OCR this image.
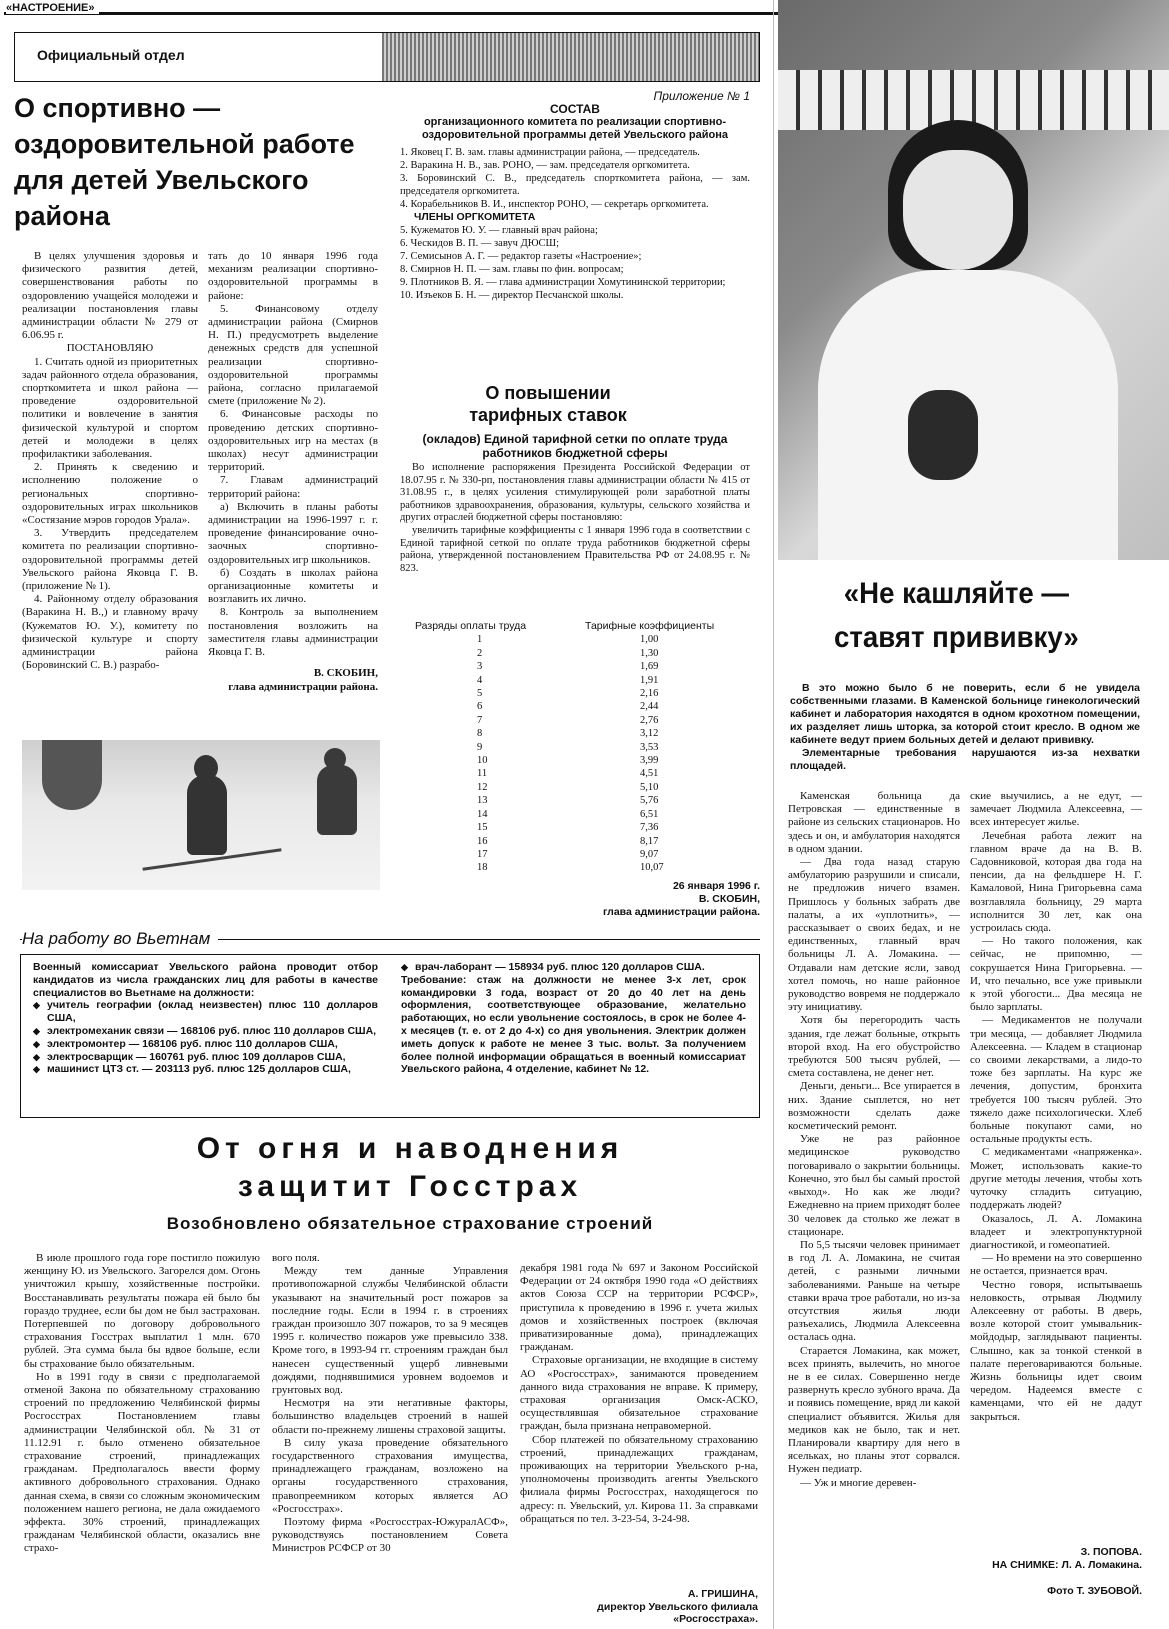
«НАСТРОЕНИЕ»
Официальный отдел
О спортивно — оздоровительной работе для детей Увельского района

В целях улучшения здоровья и физического развития детей, совершенствования работы по оздоровлению учащейся молодежи и реализации постановления главы администрации области № 279 от 6.06.95 г.

ПОСТАНОВЛЯЮ

1. Считать одной из приоритетных задач районного отдела образования, спорткомитета и школ района — проведение оздоровительной политики и вовлечение в занятия физической культурой и спортом детей и молодежи в целях профилактики заболевания.

2. Принять к сведению и исполнению положение о региональных спортивно-оздоровительных играх школьников «Состязание мэров городов Урала».

3. Утвердить председателем комитета по реализации спортивно-оздоровительной программы детей Увельского района Яковца Г. В. (приложение № 1).

4. Районному отделу образования (Варакина Н. В.,) и главному врачу (Кужематов Ю. У.), комитету по физической культуре и спорту администрации района (Боровинский С. В.) разрабо-

тать до 10 января 1996 года механизм реализации спортивно-оздоровительной программы в районе:

5. Финансовому отделу администрации района (Смирнов Н. П.) предусмотреть выделение денежных средств для успешной реализации спортивно-оздоровительной программы района, согласно прилагаемой смете (приложение № 2).

6. Финансовые расходы по проведению детских спортивно-оздоровительных игр на местах (в школах) несут администрации территорий.

7. Главам администраций территорий района:

а) Включить в планы работы администрации на 1996-1997 г. г. проведение финансирование очно-заочных спортивно-оздоровительных игр школьников.

б) Создать в школах района организационные комитеты и возглавить их лично.

8. Контроль за выполнением постановления возложить на заместителя главы администрации Яковца Г. В.

В. СКОБИН,
глава администрации района.
Приложение № 1
СОСТАВ
организационного комитета по реализации спортивно-оздоровительной программы детей Увельского района
1. Яковец Г. В. зам. главы администрации района, — председатель.
2. Варакина Н. В., зав. РОНО, — зам. председателя оргкомитета.
3. Боровинский С. В., председатель спорткомитета района, — зам. председателя оргкомитета.
4. Корабельников В. И., инспектор РОНО, — секретарь оргкомитета.
ЧЛЕНЫ ОРГКОМИТЕТА
5. Кужематов Ю. У. — главный врач района;
6. Ческидов В. П. — завуч ДЮСШ;
7. Семисынов А. Г. — редактор газеты «Настроение»;
8. Смирнов Н. П. — зам. главы по фин. вопросам;
9. Плотников В. Я. — глава администрации Хомутининской территории;
10. Изъеков Б. Н. — директор Песчанской школы.
О повышении тарифных ставок
(окладов) Единой тарифной сетки по оплате труда работников бюджетной сферы

Во исполнение распоряжения Президента Российской Федерации от 18.07.95 г. № 330-рп, постановления главы администрации области № 415 от 31.08.95 г., в целях усиления стимулирующей роли заработной платы работников здравоохранения, образования, культуры, сельского хозяйства и других отраслей бюджетной сферы постановляю:

увеличить тарифные коэффициенты с 1 января 1996 года в соответствии с Единой тарифной сеткой по оплате труда работников бюджетной сферы района, утвержденной постановлением Правительства РФ от 24.08.95 г. № 823.

Разряды оплаты труда	Тарифные коэффициенты
1	1,00
2	1,30
3	1,69
4	1,91
5	2,16
6	2,44
7	2,76
8	3,12
9	3,53
10	3,99
11	4,51
12	5,10
13	5,76
14	6,51
15	7,36
16	8,17
17	9,07
18	10,07
26 января 1996 г.
В. СКОБИН,
глава администрации района.
«Не кашляйте — ставят прививку»

В это можно было б не поверить, если б не увидела собственными глазами. В Каменской больнице гинекологический кабинет и лаборатория находятся в одном крохотном помещении, их разделяет лишь шторка, за которой стоит кресло. В одном же кабинете ведут прием больных детей и делают прививку.

Элементарные требования нарушаются из-за нехватки площадей.

Каменская больница да Петровская — единственные в районе из сельских стационаров. Но здесь и он, и амбулатория находятся в одном здании.

— Два года назад старую амбулаторию разрушили и списали, не предложив ничего взамен. Пришлось у больных забрать две палаты, а их «уплотнить», — рассказывает о своих бедах, и не единственных, главный врач больницы Л. А. Ломакина. — Отдавали нам детские ясли, завод хотел помочь, но наше районное руководство вовремя не поддержало эту инициативу.

Хотя бы перегородить часть здания, где лежат больные, открыть второй вход. На его обустройство требуются 500 тысяч рублей, — смета составлена, не денег нет.

Деньги, деньги... Все упирается в них. Здание сыплется, но нет возможности сделать даже косметический ремонт.

Уже не раз районное медицинское руководство поговаривало о закрытии больницы. Конечно, это был бы самый простой «выход». Но как же люди? Ежедневно на прием приходят более 30 человек да столько же лежат в стационаре.

По 5,5 тысячи человек принимает в год Л. А. Ломакина, не считая детей, с разными личными заболеваниями. Раньше на четыре ставки врача трое работали, но из-за отсутствия жилья люди разъехались, Людмила Алексеевна осталась одна.

Старается Ломакина, как может, всех принять, вылечить, но многое не в ее силах. Совершенно негде развернуть кресло зубного врача. Да и появись помещение, вряд ли какой специалист объявится. Жилья для медиков как не было, так и нет. Планировали квартиру для него в ясельках, но планы этот сорвался. Нужен педиатр.

— Уж и многие деревен-

ские выучились, а не едут, — замечает Людмила Алексеевна, — всех интересует жилье.

Лечебная работа лежит на главном враче да на В. В. Садовниковой, которая два года на пенсии, да на фельдшере Н. Г. Камаловой, Нина Григорьевна сама возглавляла больницу, 29 марта исполнится 30 лет, как она устроилась сюда.

— Но такого положения, как сейчас, не припомню, — сокрушается Нина Григорьевна. — И, что печально, все уже привыкли к этой убогости... Два месяца не было зарплаты.

— Медикаментов не получали три месяца, — добавляет Людмила Алексеевна. — Кладем в стационар со своими лекарствами, а лидо-то тоже без зарплаты. На курс же лечения, допустим, бронхита требуется 100 тысяч рублей. Это тяжело даже психологически. Хлеб больные покупают сами, но остальные продукты есть.

С медикаментами «напряженка». Может, использовать какие-то другие методы лечения, чтобы хоть чуточку сгладить ситуацию, поддержать людей?

Оказалось, Л. А. Ломакина владеет и электропунктурной диагностикой, и гомеопатией.

— Но времени на это совершенно не остается, признается врач.

Честно говоря, испытываешь неловкость, отрывая Людмилу Алексеевну от работы. В дверь, возле которой стоит умывальник-мойдодыр, заглядывают пациенты. Слышно, как за тонкой стенкой в палате переговариваются больные. Жизнь больницы идет своим чередом. Надеемся вместе с каменцами, что ей не дадут закрыться.

З. ПОПОВА.
НА СНИМКЕ: Л. А. Ломакина.
Фото Т. ЗУБОВОЙ.
На работу во Вьетнам
Военный комиссариат Увельского района проводит отбор кандидатов из числа гражданских лиц для работы в качестве специалистов во Вьетнаме на должности:
◆ учитель географии (оклад неизвестен) плюс 110 долларов США,
◆ электромеханик связи — 168106 руб. плюс 110 долларов США,
◆ электромонтер — 168106 руб. плюс 110 долларов США,
◆ электросварщик — 160761 руб. плюс 109 долларов США,
◆ машинист ЦТЗ ст. — 203113 руб. плюс 125 долларов США,
◆ врач-лаборант — 158934 руб. плюс 120 долларов США.
Требование: стаж на должности не менее 3-х лет, срок командировки 3 года, возраст от 20 до 40 лет на день оформления, соответствующее образование, желательно работающих, но если увольнение состоялось, в срок не более 4-х месяцев (т. е. от 2 до 4-х) со дня увольнения. Электрик должен иметь допуск к работе не менее 3 тыс. вольт. За получением более полной информации обращаться в военный комиссариат Увельского района, 4 отделение, кабинет № 12.
От огня и наводнения
защитит Госстрах
Возобновлено обязательное страхование строений

В июле прошлого года горе постигло пожилую женщину Ю. из Увельского. Загорелся дом. Огонь уничтожил крышу, хозяйственные постройки. Восстанавливать результаты пожара ей было бы гораздо труднее, если бы дом не был застрахован. Потерпевшей по договору добровольного страхования Госстрах выплатил 1 млн. 670 рублей. Эта сумма была бы вдвое больше, если бы страхование было обязательным.

Но в 1991 году в связи с предполагаемой отменой Закона по обязательному страхованию строений по предложению Челябинской фирмы Росгосстрах Постановлением главы администрации Челябинской обл. № 31 от 11.12.91 г. было отменено обязательное страхование строений, принадлежащих гражданам. Предполагалось ввести форму активного добровольного страхования. Однако данная схема, в связи со сложным экономическим положением нашего региона, не дала ожидаемого эффекта. 30% строений, принадлежащих гражданам Челябинской области, оказались вне страхо-

вого поля.

Между тем данные Управления противопожарной службы Челябинской области указывают на значительный рост пожаров за последние годы. Если в 1994 г. в строениях граждан произошло 307 пожаров, то за 9 месяцев 1995 г. количество пожаров уже превысило 338. Кроме того, в 1993-94 гг. строениям граждан был нанесен существенный ущерб ливневыми дождями, поднявшимися уровнем водоемов и грунтовых вод.

Несмотря на эти негативные факторы, большинство владельцев строений в нашей области по-прежнему лишены страховой защиты.

В силу указа проведение обязательного государственного страхования имущества, принадлежащего гражданам, возложено на органы государственного страхования, правопреемником которых является АО «Росгосстрах».

Поэтому фирма «Росгосстрах-ЮжуралАСФ», руководствуясь постановлением Совета Министров РСФСР от 30

декабря 1981 года № 697 и Законом Российской Федерации от 24 октября 1990 года «О действиях актов Союза ССР на территории РСФСР», приступила к проведению в 1996 г. учета жилых домов и хозяйственных построек (включая приватизированные дома), принадлежащих гражданам.

Страховые организации, не входящие в систему АО «Росгосстрах», занимаются проведением данного вида страхования не вправе. К примеру, страховая организация Омск-АСКО, осуществлявшая обязательное страхование граждан, была признана неправомерной.

Сбор платежей по обязательному страхованию строений, принадлежащих гражданам, проживающих на территории Увельского р-на, уполномочены производить агенты Увельского филиала фирмы Росгосстрах, находящегося по адресу: п. Увельский, ул. Кирова 11. За справками обращаться по тел. 3-23-54, 3-24-98.

А. ГРИШИНА,
директор Увельского филиала «Росгосстраха».
